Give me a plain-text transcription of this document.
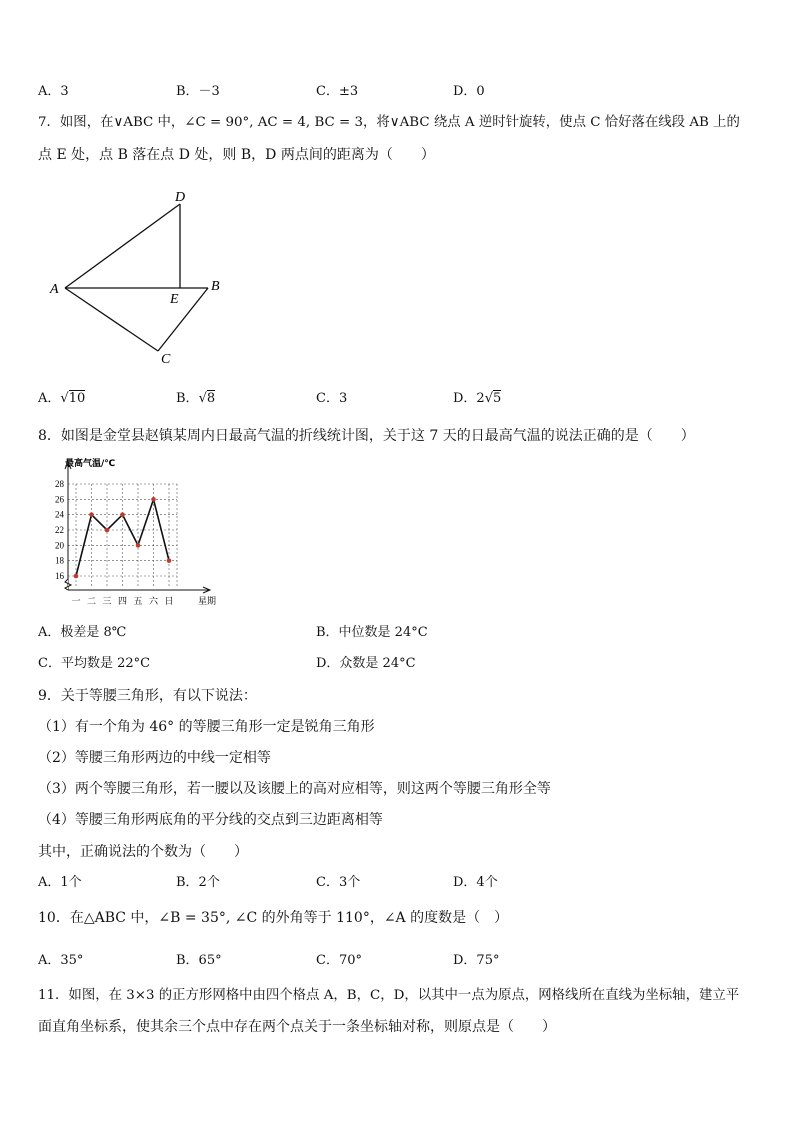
A．3	B．－3	C．±3	D．0
7．如图，在∨ABC 中，∠C = 90°, AC = 4, BC = 3，将∨ABC 绕点 A 逆时针旋转，使点 C 恰好落在线段 AB 上的
点 E 处，点 B 落在点 D 处，则 B，D 两点间的距离为（　　）
D
A	B
E
C
A．√10	B．√8	C．3	D．2√5
8．如图是金堂县赵镇某周内日最高气温的折线统计图，关于这 7 天的日最高气温的说法正确的是（　　）
最高气温/℃
16
18
20
22
24
26
28
一 二 三 四 五 六 日	星期
A．极差是 8℃	B．中位数是 24°C
C．平均数是 22°C	D．众数是 24°C
9．关于等腰三角形，有以下说法：
（1）有一个角为 46° 的等腰三角形一定是锐角三角形
（2）等腰三角形两边的中线一定相等
（3）两个等腰三角形，若一腰以及该腰上的高对应相等，则这两个等腰三角形全等
（4）等腰三角形两底角的平分线的交点到三边距离相等
其中，正确说法的个数为（　　）
A．1个	B．2个	C．3个	D．4个
10．在△ABC 中，∠B = 35°, ∠C 的外角等于 110°，∠A 的度数是（　）
A．35°	B．65°	C．70°	D．75°
11．如图，在 3×3 的正方形网格中由四个格点 A，B，C，D，以其中一点为原点，网格线所在直线为坐标轴，建立平
面直角坐标系，使其余三个点中存在两个点关于一条坐标轴对称，则原点是（　　）
